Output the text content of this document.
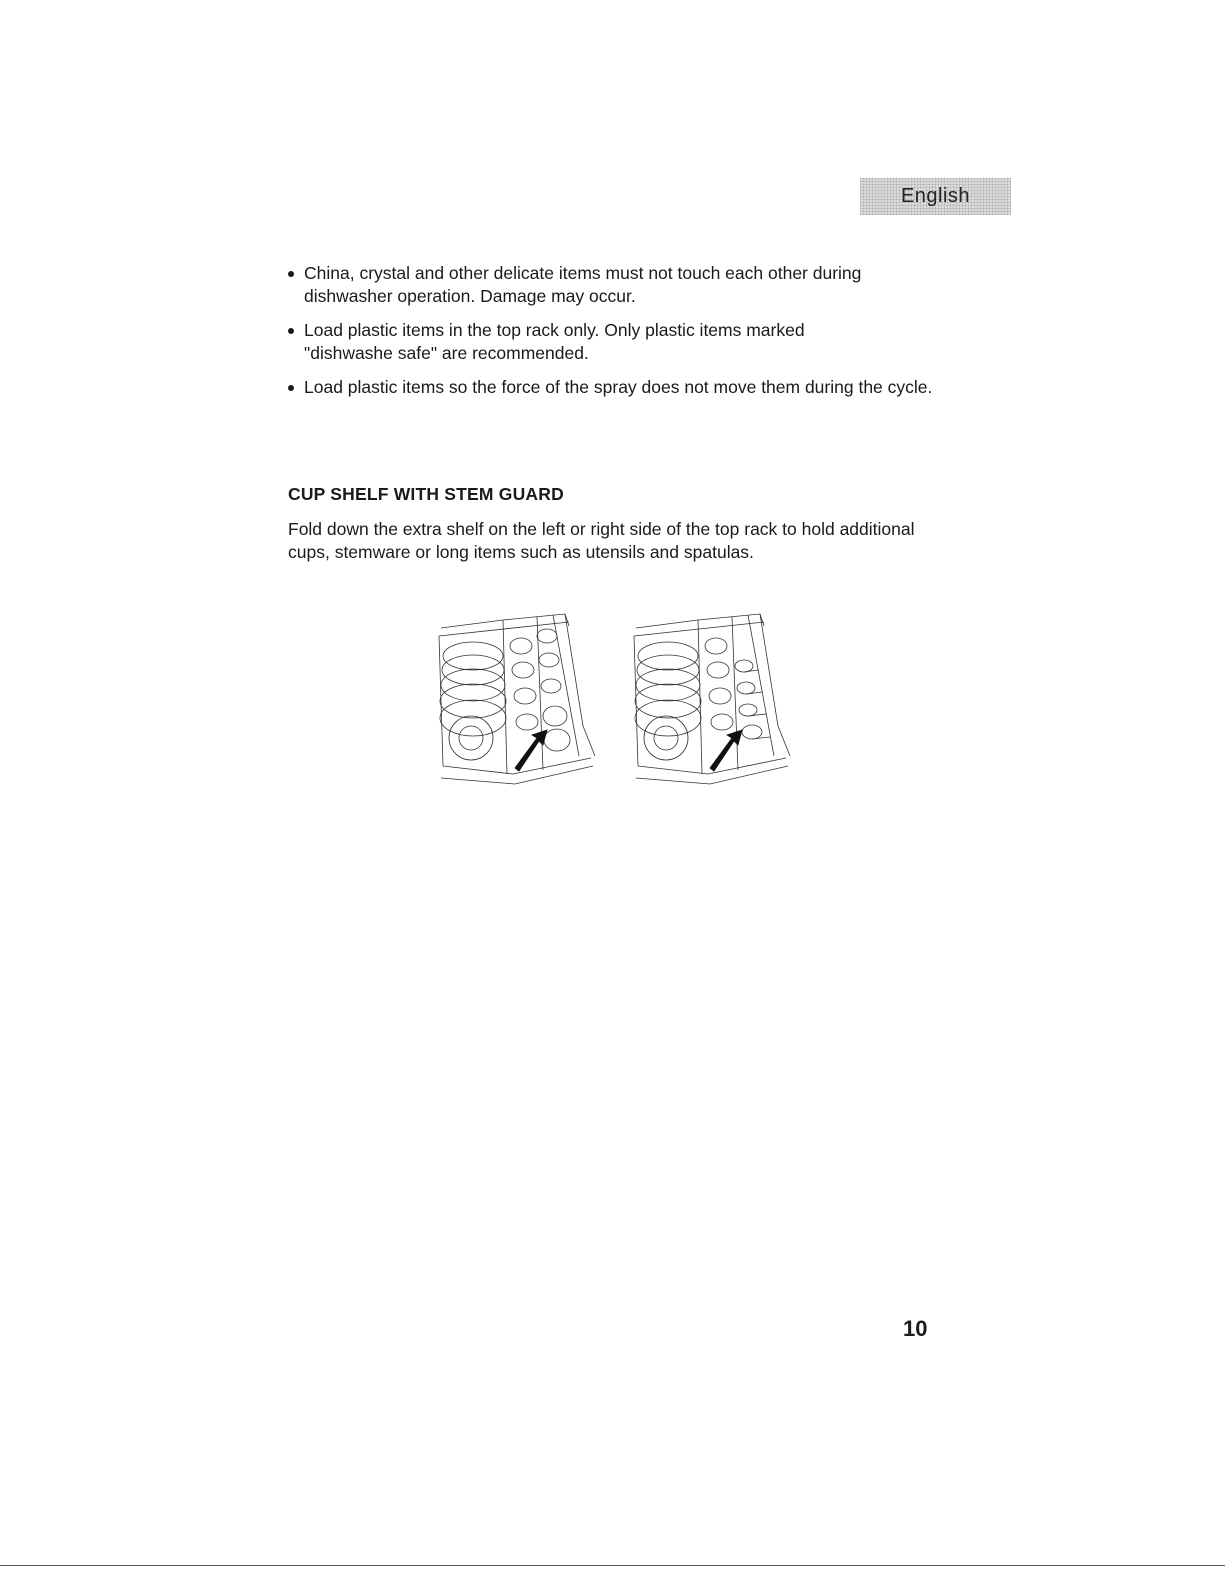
English
China, crystal and other delicate items must not touch each other during
dishwasher operation. Damage may occur.
Load plastic items in the top rack only. Only plastic items marked
"dishwashe safe" are recommended.
Load plastic items so the force of the spray does not move them during the cycle.
CUP SHELF WITH STEM GUARD
Fold down the extra shelf on the left or right side of the top rack to hold additional
cups, stemware or long items such as utensils and spatulas.
10
